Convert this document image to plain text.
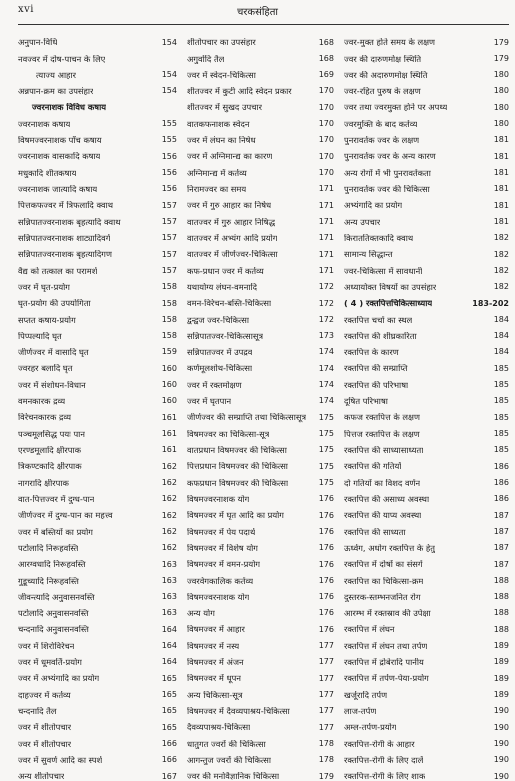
xvi	चरकसंहिता
अनुपान-विधि	154
नवज्वर में दोष-पाचन के लिए
त्याज्य आहार	154
अन्नपान-क्रम का उपसंहार	154
ज्वरनाशक विविध कषाय
ज्वरनाशक कषाय	155
विषमज्वरनाशक पाँच कषाय	155
ज्वरनाशक वासकादि कषाय	156
मधुकादि शीतकषाय	156
ज्वरनाशक जात्यादि कषाय	156
पित्तकफज्वर में त्रिफलादि क्वाथ	157
सन्निपातज्वरनाशक बृहत्यादि क्वाथ	157
सन्निपातज्वरनाशक शाट्यादिवर्ग	157
सन्निपातज्वरनाशक बृहत्यादिगण	157
वैद्य को तत्काल का परामर्श	157
ज्वर में घृत-प्रयोग	158
घृत-प्रयोग की उपयोगिता	158
सप्तत कषाय-प्रयोग	158
पिप्पल्यादि घृत	158
जीर्णज्वर में वासादि घृत	159
ज्वरहर बलादि घृत	160
ज्वर में संशोधन-विधान	160
वमनकारक द्रव्य	160
विरेचनकारक द्रव्य	161
पञ्चमूलसिद्ध पयः पान	161
एरण्डमूलादि क्षीरपाक	161
त्रिकण्टकादि क्षीरपाक	162
नागरादि क्षीरपाक	162
वात-पित्तज्वर में दुग्ध-पान	162
जीर्णज्वर में दुग्ध-पान का महत्त्व	162
ज्वर में बस्तियों का प्रयोग	162
पटोलादि निरूहवस्ति	162
आरग्वधादि निरूहवस्ति	163
गुडूच्यादि निरूहवस्ति	163
जीवन्त्यादि अनुवासनवस्ति	163
पटोलादि अनुवासनवस्ति	163
चन्दनादि अनुवासनवस्ति	164
ज्वर में शिरोविरेचन	164
ज्वर में धूमवर्ति-प्रयोग	164
ज्वर में अभ्यंगादि का प्रयोग	165
दाहज्वर में कर्तव्य	165
चन्दनादि तैल	165
ज्वर में शीतोपचार	165
ज्वर में शीतोपचार	166
ज्वर में सुवर्ण आदि का स्पर्श	166
अन्य शीतोपचार	167
शीतोपचार का उपसंहार	168
अगुर्वादि तैल	168
ज्वर में स्वेदन-चिकित्सा	169
शीतज्वर में कुटी आदि स्वेदन प्रकार	170
शीतज्वर में सुखद उपचार	170
वातकफनाशक स्वेदन	170
ज्वर में लंघन का निषेध	170
ज्वर में अग्निमान्द्य का कारण	170
अग्निमान्द्य में कर्तव्य	170
निरामज्वर का समय	171
ज्वर में गुरु आहार का निषेध	171
वातज्वर में गुरु आहार निषिद्ध	171
वातज्वर में अभ्यंग आदि प्रयोग	171
वातज्वर में जीर्णज्वर-चिकित्सा	171
कफ-प्रधान ज्वर में कर्तव्य	171
यथायोग्य लंघन-वमनादि	172
वमन-विरेचन-बस्ति-चिकित्सा	172
द्वन्द्वज ज्वर-चिकित्सा	172
सन्निपातज्वर-चिकित्सासूत्र	173
सन्निपातज्वर में उपद्रव	174
कर्णमूलशोथ-चिकित्सा	174
ज्वर में रक्तमोक्षण	174
ज्वर में घृतपान	174
जीर्णज्वर की सम्प्राप्ति तथा चिकित्सासूत्र	175
विषमज्वर का चिकित्सा-सूत्र	175
वातप्रधान विषमज्वर की चिकित्सा	175
पित्तप्रधान विषमज्वर की चिकित्सा	175
कफप्रधान विषमज्वर की चिकित्सा	175
विषमज्वरनाशक योग	176
विषमज्वर में घृत आदि का प्रयोग	176
विषमज्वर में पेय पदार्थ	176
विषमज्वर में विशेष योग	176
विषमज्वर में वमन-प्रयोग	176
ज्वरवेगकालिक कर्तव्य	176
विषमज्वरनाशक योग	176
अन्य योग	176
विषमज्वर में आहार	176
विषमज्वर में नस्य	177
विषमज्वर में अंजन	177
विषमज्वर में धूपन	177
अन्य चिकित्सा-सूत्र	177
विषमज्वर में दैवव्यपाश्रय-चिकित्सा	177
दैवव्यपाश्रय-चिकित्सा	177
धातुगत ज्वरों की चिकित्सा	178
आगन्तुज ज्वरों की चिकित्सा	178
ज्वर की मनोवैज्ञानिक चिकित्सा	179
ज्वर-मुक्त होते समय के लक्षण	179
ज्वर की दारुणमोक्ष स्थिति	179
ज्वर की अदारुणमोक्ष स्थिति	180
ज्वर-रहित पुरुष के लक्षण	180
ज्वर तथा ज्वरमुक्त होने पर अपथ्य	180
ज्वरमुक्ति के बाद कर्तव्य	180
पुनरावर्तक ज्वर के लक्षण	181
पुनरावर्तक ज्वर के अन्य कारण	181
अन्य रोगों में भी पुनरावर्तकता	181
पुनरावर्तक ज्वर की चिकित्सा	181
अभ्यंगादि का प्रयोग	181
अन्य उपचार	181
किराततिक्तकादि क्वाथ	182
सामान्य सिद्धान्त	182
ज्वर-चिकित्सा में सावधानी	182
अध्यायोक्त विषयों का उपसंहार	182
( 4 ) रक्तपित्तचिकित्साध्याय	183-202
रक्तपित्त चर्चा का स्थल	184
रक्तपित्त की शीघ्रकारिता	184
रक्तपित्त के कारण	184
रक्तपित्त की सम्प्राप्ति	185
रक्तपित्त की परिभाषा	185
दूषित परिभाषा	185
कफज रक्तपित्त के लक्षण	185
पित्तज रक्तपित्त के लक्षण	185
रक्तपित्त की साध्यासाध्यता	185
रक्तपित्त की गतियाँ	186
दो गतियों का विशद वर्णन	186
रक्तपित्त की असाध्य अवस्था	186
रक्तपित्त की याप्य अवस्था	187
रक्तपित्त की साध्यता	187
ऊर्ध्वग, अधोग रक्तपित्त के हेतु	187
रक्तपित्त में दोषों का संसर्ग	187
रक्तपित्त का चिकित्सा-क्रम	188
दुस्तरक-स्तम्भनजनित रोग	188
आरम्भ में रक्तस्राव की उपेक्षा	188
रक्तपित्त में लंघन	188
रक्तपित्त में लंघन तथा तर्पण	189
रक्तपित्त में द्रोबेरादि पानीय	189
रक्तपित्त में तर्पण-पेया-प्रयोग	189
खर्जूरादि तर्पण	189
लाज-तर्पण	190
अम्ल-तर्पण-प्रयोग	190
रक्तपित्त-रोगी के आहार	190
रक्तपित्त-रोगी के लिए दालें	190
रक्तपित्त-रोगी के लिए शाक	190
